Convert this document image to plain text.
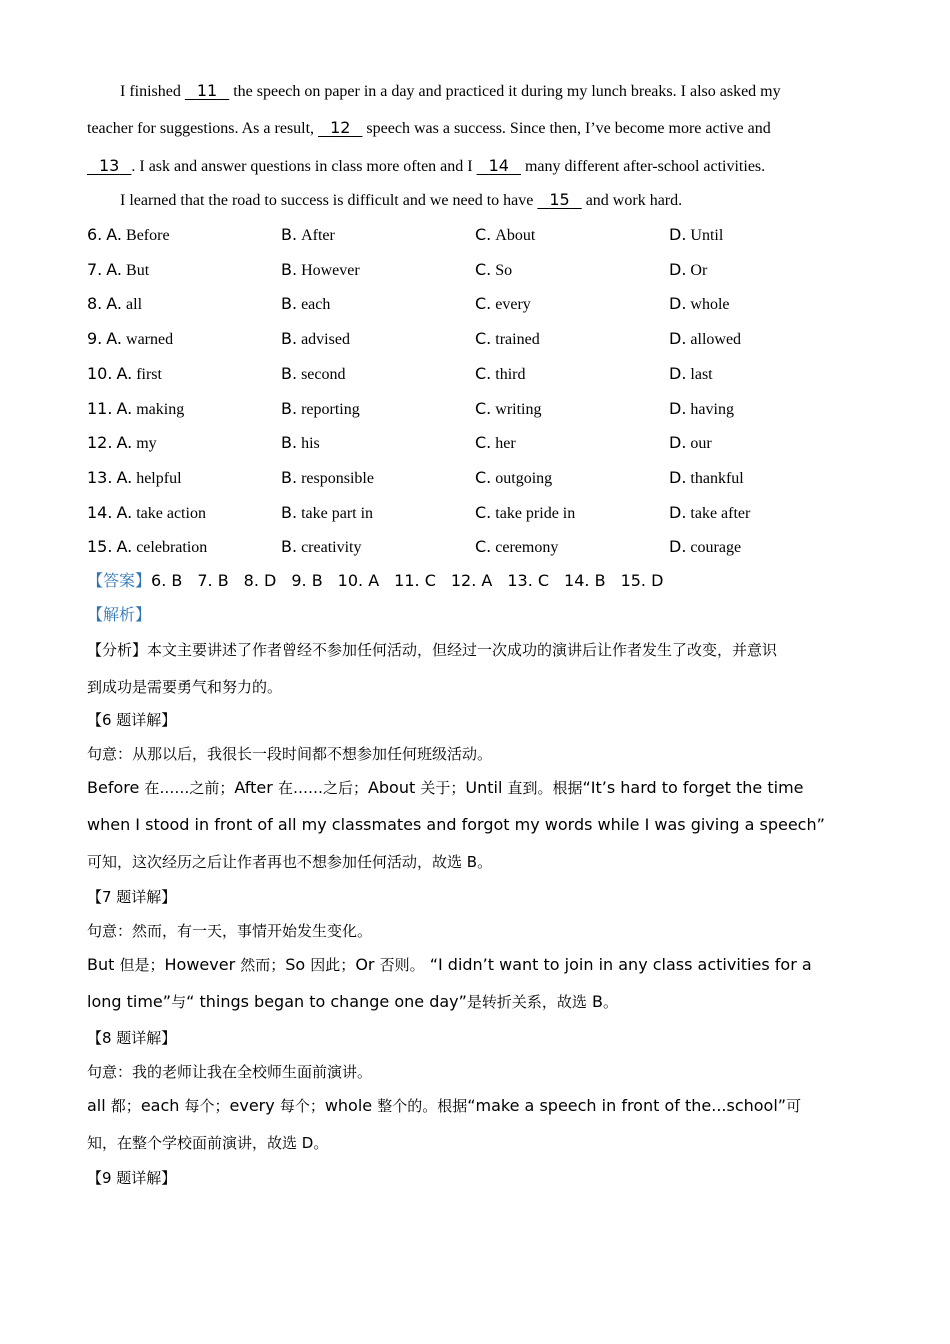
I finished    11    the speech on paper in a day and practiced it during my lunch breaks. I also asked my
teacher for suggestions. As a result,    12    speech was a success. Since then, I’ve become more active and
13 . I ask and answer questions in class more often and I    14    many different after-school activities.
I learned that the road to success is difficult and we need to have    15    and work hard.
6. A. Before	B. After	C. About	D. Until
7. A. But	B. However	C. So	D. Or
8. A. all	B. each	C. every	D. whole
9. A. warned	B. advised	C. trained	D. allowed
10. A. first	B. second	C. third	D. last
11. A. making	B. reporting	C. writing	D. having
12. A. my	B. his	C. her	D. our
13. A. helpful	B. responsible	C. outgoing	D. thankful
14. A. take action	B. take part in	C. take pride in	D. take after
15. A. celebration	B. creativity	C. ceremony	D. courage
【答案】6. B 7. B 8. D 9. B 10. A 11. C 12. A 13. C 14. B 15. D
【解析】
【分析】本文主要讲述了作者曾经不参加任何活动，但经过一次成功的演讲后让作者发生了改变，并意识
到成功是需要勇气和努力的。
【6 题详解】
句意：从那以后，我很长一段时间都不想参加任何班级活动。
Before 在……之前；After 在……之后；About 关于；Until 直到。根据“It’s hard to forget the time
when I stood in front of all my classmates and forgot my words while I was giving a speech”
可知，这次经历之后让作者再也不想参加任何活动，故选 B。
【7 题详解】
句意：然而，有一天，事情开始发生变化。
But 但是；However 然而；So 因此；Or 否则。 “I didn’t want to join in any class activities for a
long time”与“ things began to change one day”是转折关系，故选 B。
【8 题详解】
句意：我的老师让我在全校师生面前演讲。
all 都；each 每个；every 每个；whole 整个的。根据“make a speech in front of the...school”可
知，在整个学校面前演讲，故选 D。
【9 题详解】
